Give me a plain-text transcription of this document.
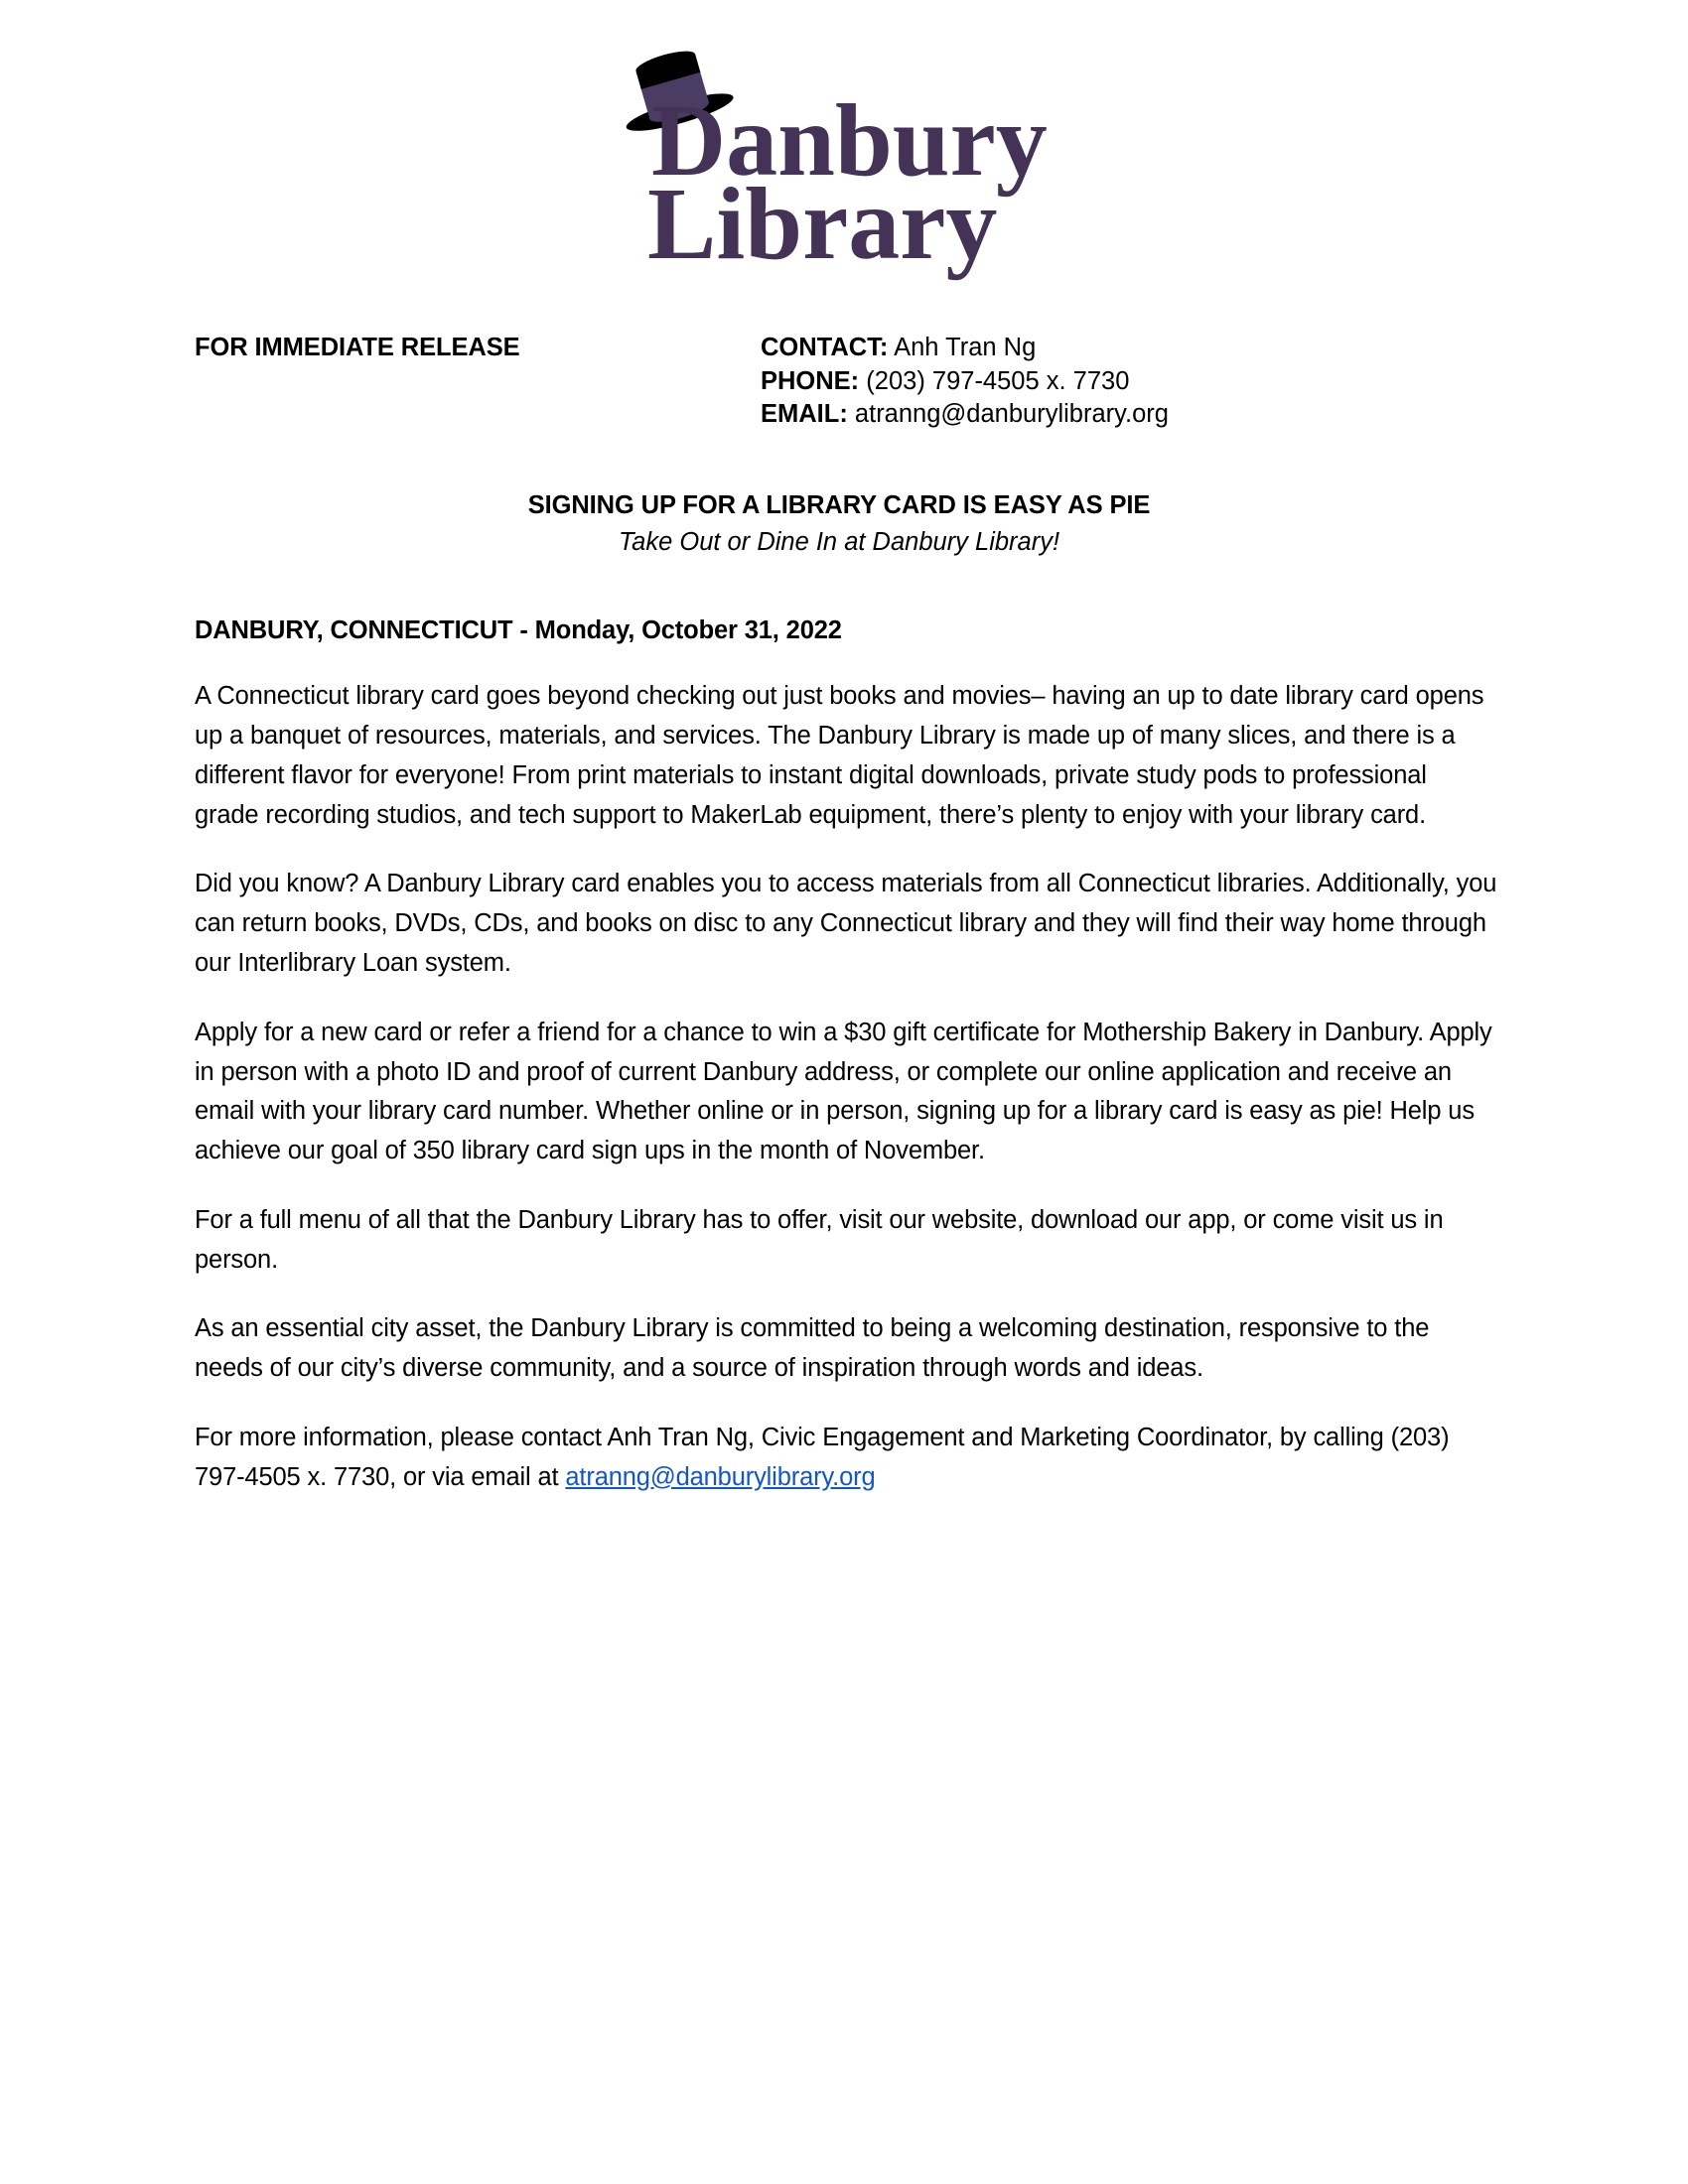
Danbury
Library
FOR IMMEDIATE RELEASE	CONTACT: Anh Tran Ng
PHONE: (203) 797-4505 x. 7730
EMAIL: atranng@danburylibrary.org
SIGNING UP FOR A LIBRARY CARD IS EASY AS PIE
Take Out or Dine In at Danbury Library!
DANBURY, CONNECTICUT - Monday, October 31, 2022

A Connecticut library card goes beyond checking out just books and movies– having an up to date library card opens up a banquet of resources, materials, and services. The Danbury Library is made up of many slices, and there is a different flavor for everyone! From print materials to instant digital downloads, private study pods to professional grade recording studios, and tech support to MakerLab equipment, there’s plenty to enjoy with your library card.

Did you know? A Danbury Library card enables you to access materials from all Connecticut libraries. Additionally, you can return books, DVDs, CDs, and books on disc to any Connecticut library and they will find their way home through our Interlibrary Loan system.

Apply for a new card or refer a friend for a chance to win a $30 gift certificate for Mothership Bakery in Danbury. Apply in person with a photo ID and proof of current Danbury address, or complete our online application and receive an email with your library card number. Whether online or in person, signing up for a library card is easy as pie! Help us achieve our goal of 350 library card sign ups in the month of November.

For a full menu of all that the Danbury Library has to offer, visit our website, download our app, or come visit us in person.

As an essential city asset, the Danbury Library is committed to being a welcoming destination, responsive to the needs of our city’s diverse community, and a source of inspiration through words and ideas.

For more information, please contact Anh Tran Ng, Civic Engagement and Marketing Coordinator, by calling (203) 797-4505 x. 7730, or via email at atranng@danburylibrary.org
